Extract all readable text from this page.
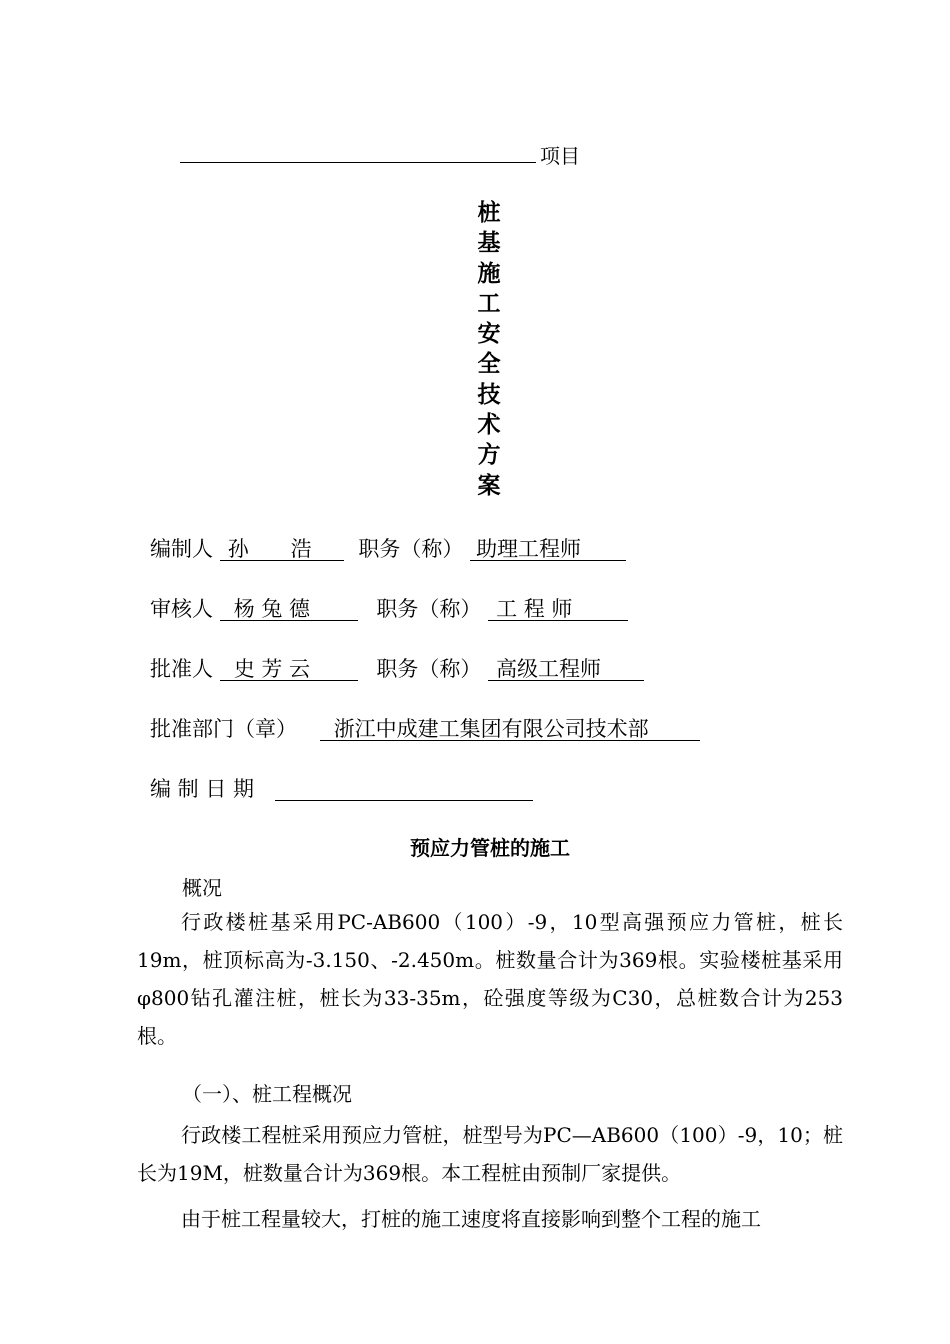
项目
桩
基
施
工
安
全
技
术
方
案
编制人 孙　　浩 职务（称） 助理工程师
审核人 杨 兔 德	职务（称） 工 程 师
批准人 史 芳 云	职务（称） 高级工程师
批准部门（章） 浙江中成建工集团有限公司技术部
编 制 日 期
预应力管桩的施工
概况
行政楼桩基采用PC-AB600（100）-9，10型高强预应力管桩，桩长19m，桩顶标高为-3.150、-2.450m。桩数量合计为369根。实验楼桩基采用φ800钻孔灌注桩，桩长为33-35m，砼强度等级为C30，总桩数合计为253根。
（一）、桩工程概况
行政楼工程桩采用预应力管桩，桩型号为PC—AB600（100）-9，10；桩长为19M，桩数量合计为369根。本工程桩由预制厂家提供。
由于桩工程量较大，打桩的施工速度将直接影响到整个工程的施工
